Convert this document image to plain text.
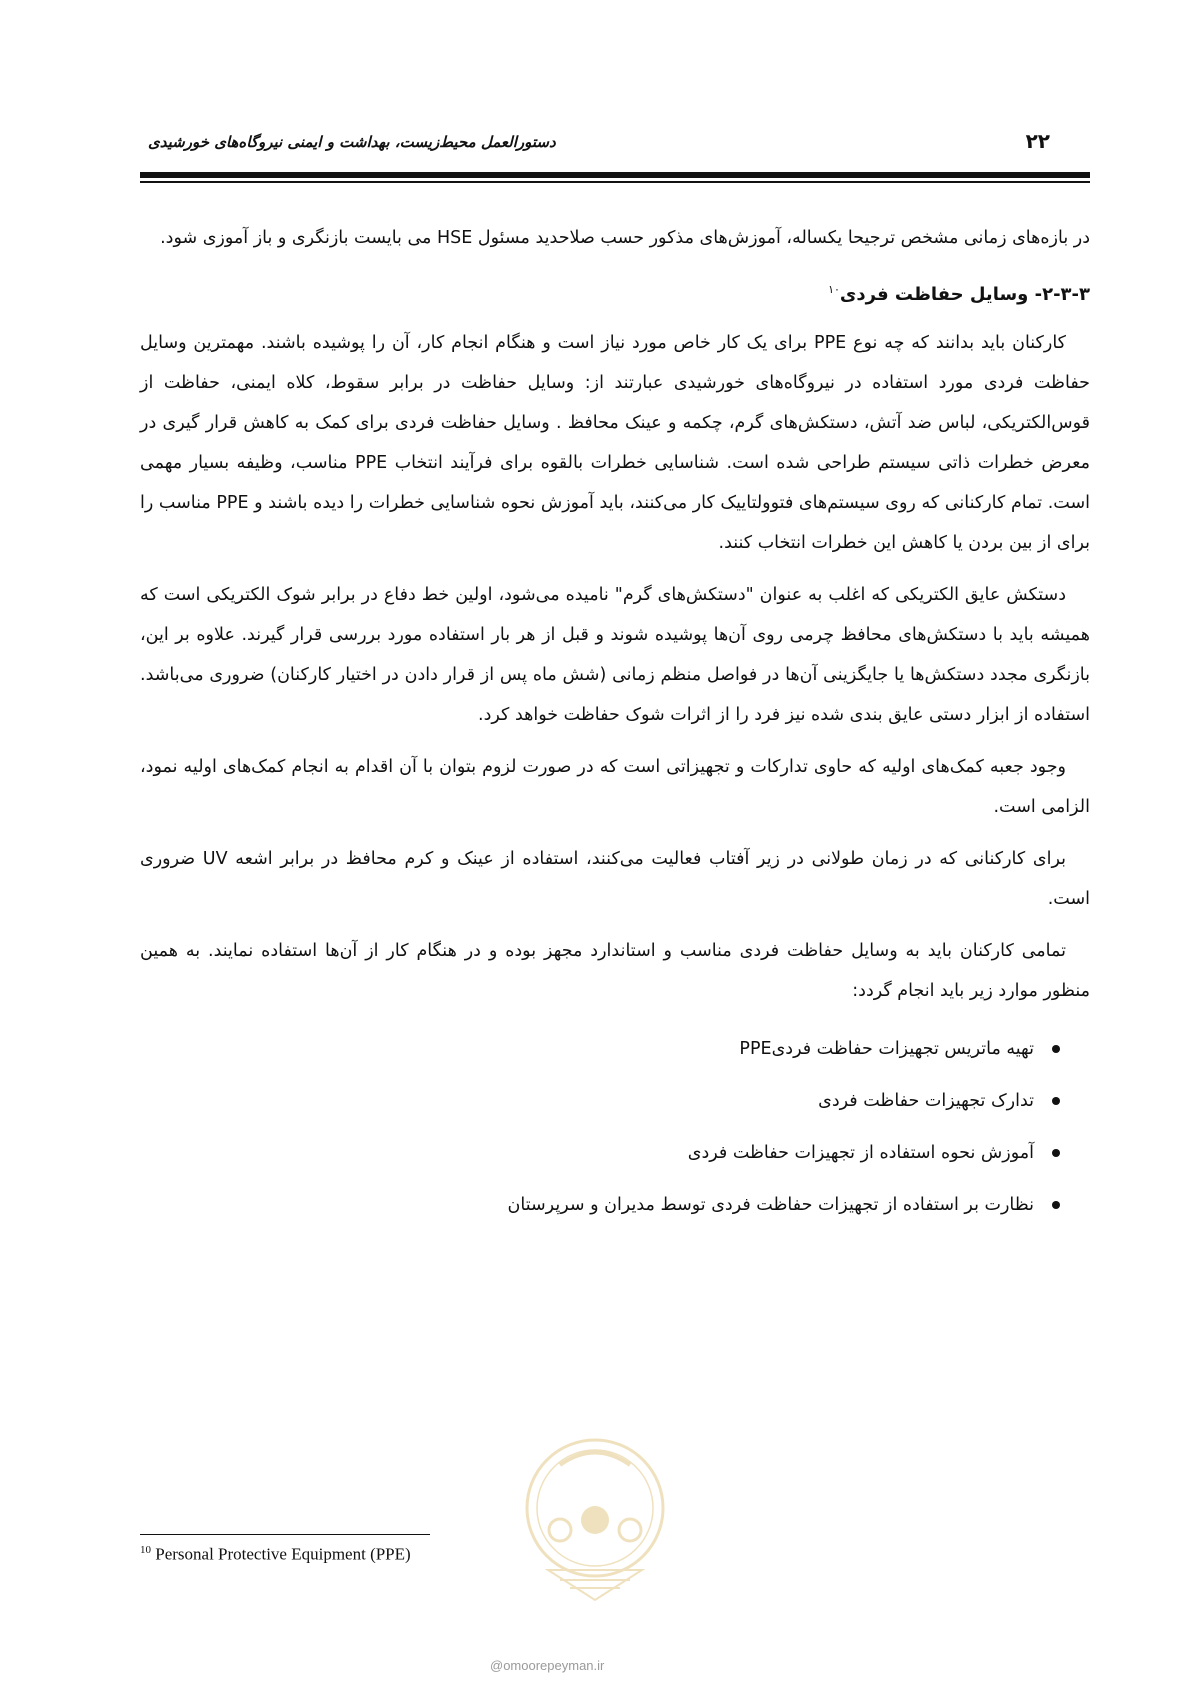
۲۲
دستورالعمل محیط‌زیست، بهداشت و ایمنی نیروگاه‌های خورشیدی

در بازه‌های زمانی مشخص ترجیحا یکساله، آموزش‌های مذکور حسب صلاحدید مسئول HSE می بایست بازنگری و باز آموزی شود.

۲-۳-۳- وسایل حفاظت فردی$^{۱۰}$

کارکنان باید بدانند که چه نوع PPE برای یک کار خاص مورد نیاز است و هنگام انجام کار، آن را پوشیده باشند. مهمترین وسایل حفاظت فردی مورد استفاده در نیروگاه‌های خورشیدی عبارتند از: وسایل حفاظت در برابر سقوط، کلاه ایمنی، حفاظت از قوس‌الکتریکی، لباس ضد آتش، دستکش‌های گرم، چکمه و عینک محافظ . وسایل حفاظت فردی برای کمک به کاهش قرار گیری در معرض خطرات ذاتی سیستم طراحی شده است. شناسایی خطرات بالقوه برای فرآیند انتخاب PPE مناسب، وظیفه بسیار مهمی است. تمام کارکنانی که روی سیستم‌های فتوولتاییک کار می‌کنند، باید آموزش نحوه شناسایی خطرات را دیده باشند و PPE مناسب را برای از بین بردن یا کاهش این خطرات انتخاب کنند.

دستکش عایق الکتریکی که اغلب به عنوان "دستکش‌های گرم" نامیده می‌شود، اولین خط دفاع در برابر شوک الکتریکی است که همیشه باید با دستکش‌های محافظ چرمی روی آن‌ها پوشیده شوند و قبل از هر بار استفاده مورد بررسی قرار گیرند. علاوه بر این، بازنگری مجدد دستکش‌ها یا جایگزینی آن‌ها در فواصل منظم زمانی (شش ماه پس از قرار دادن در اختیار کارکنان) ضروری می‌باشد. استفاده از ابزار دستی عایق بندی شده نیز فرد را از اثرات شوک حفاظت خواهد کرد.

وجود جعبه کمک‌های اولیه که حاوی تدارکات و تجهیزاتی است که در صورت لزوم بتوان با آن اقدام به انجام کمک‌های اولیه نمود، الزامی است.

برای کارکنانی که در زمان طولانی در زیر آفتاب فعالیت می‌کنند، استفاده از عینک و کرم محافظ در برابر اشعه UV ضروری است.

تمامی کارکنان باید به وسایل حفاظت فردی مناسب و استاندارد مجهز بوده و در هنگام کار از آن‌ها استفاده نمایند. به همین منظور موارد زیر باید انجام گردد:

تهیه ماتریس تجهیزات حفاظت فردیPPE
تدارک تجهیزات حفاظت فردی
آموزش نحوه استفاده از تجهیزات حفاظت فردی
نظارت بر استفاده از تجهیزات حفاظت فردی توسط مدیران و سرپرستان
$^{10}$ Personal Protective Equipment (PPE)
@omoorepeyman.ir
